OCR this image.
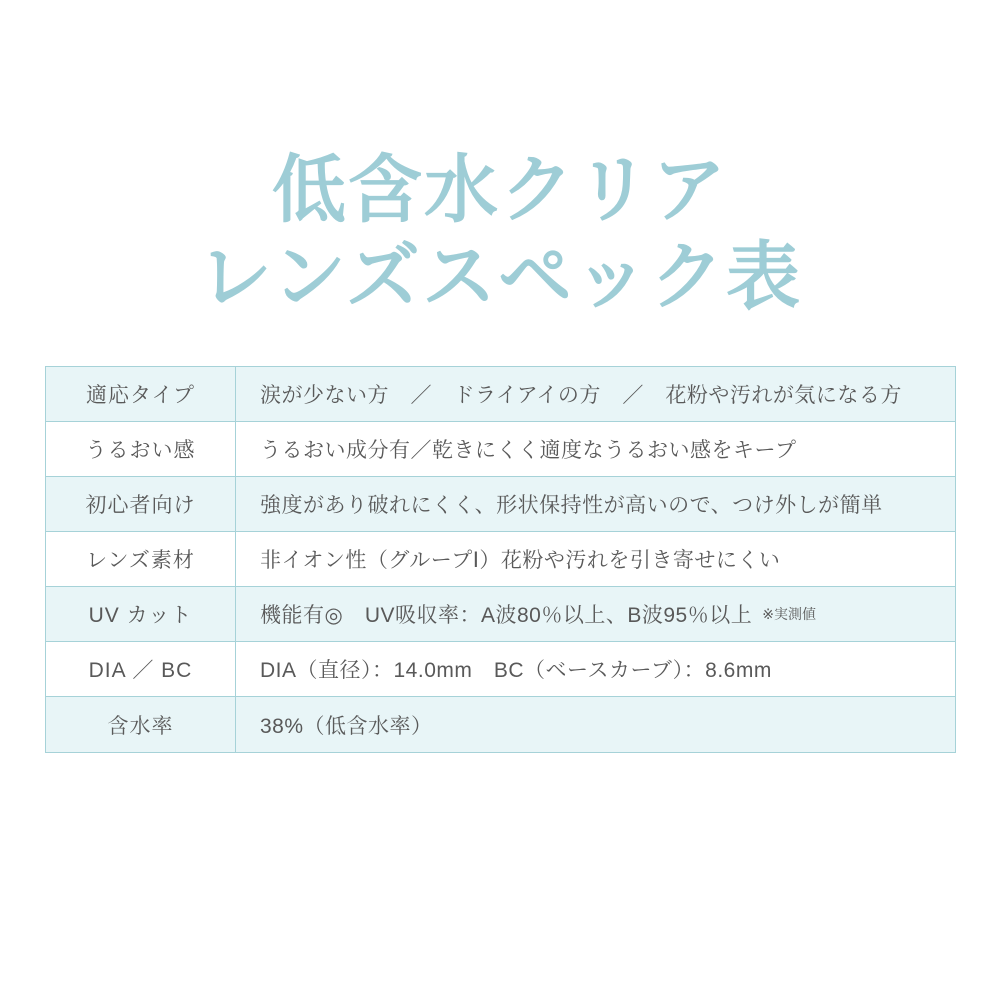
低含水クリア
レンズスペック表
適応タイプ	涙が少ない方　／　ドライアイの方　／　花粉や汚れが気になる方
うるおい感	うるおい成分有／乾きにくく適度なうるおい感をキープ
初心者向け	強度があり破れにくく、形状保持性が高いので、つけ外しが簡単
レンズ素材	非イオン性（グループⅠ）花粉や汚れを引き寄せにくい
UV カット	機能有◎　UV吸収率：A波80％以上、B波95％以上 ※実測値
DIA ／ BC	DIA（直径）：14.0mm　BC（ベースカーブ）：8.6mm
含水率	38%（低含水率）
